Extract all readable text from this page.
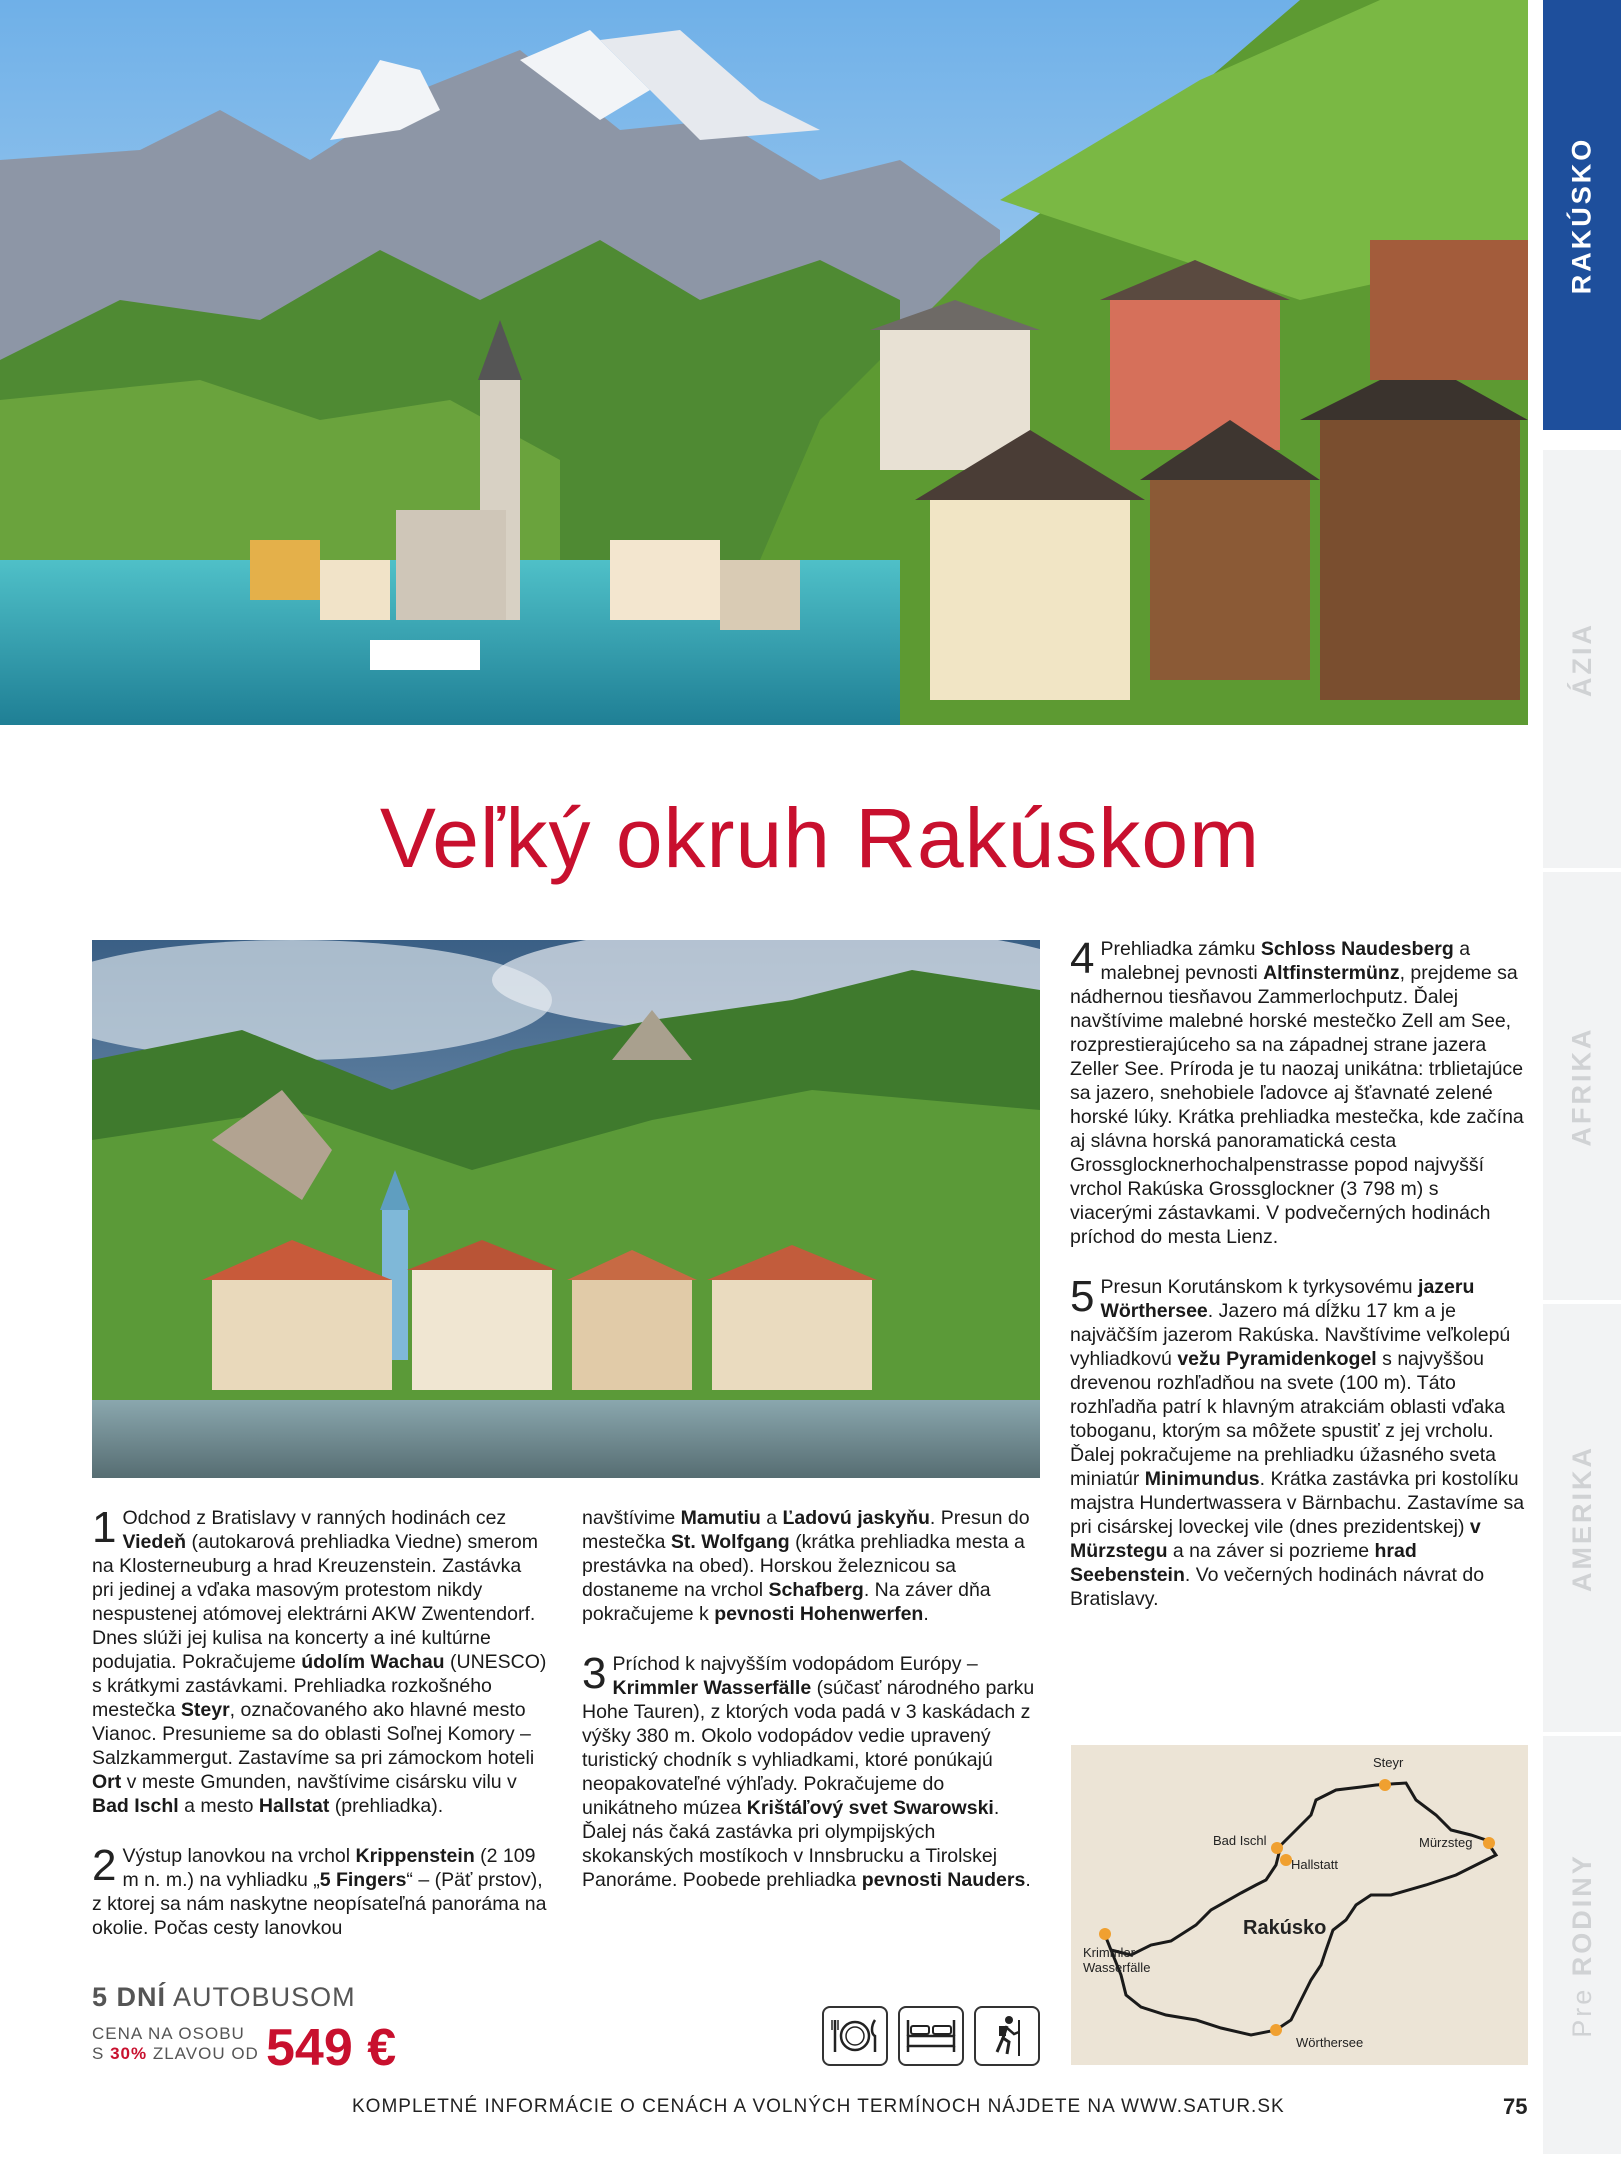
RAKÚSKO
ÁZIA
AFRIKA
AMERIKA
Pre RODINY
Veľký okruh Rakúskom
1 Odchod z Bratislavy v ranných hodinách cez Viedeň (autokarová prehliadka Viedne) smerom na Klosterneuburg a hrad Kreuzenstein. Zastávka pri jedinej a vďaka masovým protestom nikdy nespustenej atómovej elektrárni AKW Zwentendorf. Dnes slúži jej kulisa na koncerty a iné kultúrne podujatia. Pokračujeme údolím Wachau (UNESCO) s krátkymi zastávkami. Prehliadka rozkošného mestečka Steyr, označovaného ako hlavné mesto Vianoc. Presunieme sa do oblasti Soľnej Komory – Salzkammergut. Zastavíme sa pri zámockom hoteli Ort v meste Gmunden, navštívime cisársku vilu v Bad Ischl a mesto Hallstat (prehliadka).

2 Výstup lanovkou na vrchol Krippenstein (2 109 m n. m.) na vyhliadku „5 Fingers“ – (Päť prstov), z ktorej sa nám naskytne neopísateľná panoráma na okolie. Počas cesty lanovkou

navštívime Mamutiu a Ľadovú jaskyňu. Presun do mestečka St. Wolfgang (krátka prehliadka mesta a prestávka na obed). Horskou železnicou sa dostaneme na vrchol Schafberg. Na záver dňa pokračujeme k pevnosti Hohenwerfen.

3 Príchod k najvyšším vodopádom Európy – Krimmler Wasserfälle (súčasť národného parku Hohe Tauren), z ktorých voda padá v 3 kaskádach z výšky 380 m. Okolo vodopádov vedie upravený turistický chodník s vyhliadkami, ktoré ponúkajú neopakovateľné výhľady. Pokračujeme do unikátneho múzea Krištáľový svet Swarowski. Ďalej nás čaká zastávka pri olympijských skokanských mostíkoch v Innsbrucku a Tirolskej Panoráme. Poobede prehliadka pevnosti Nauders.

4 Prehliadka zámku Schloss Naudesberg a malebnej pevnosti Altfinstermünz, prejdeme sa nádhernou tiesňavou Zammerlochputz. Ďalej navštívime malebné horské mestečko Zell am See, rozprestierajúceho sa na západnej strane jazera Zeller See. Príroda je tu naozaj unikátna: trblietajúce sa jazero, snehobiele ľadovce aj šťavnaté zelené horské lúky. Krátka prehliadka mestečka, kde začína aj slávna horská panoramatická cesta Grossglocknerhochalpenstrasse popod najvyšší vrchol Rakúska Grossglockner (3 798 m) s viacerými zástavkami. V podvečerných hodinách príchod do mesta Lienz.

5 Presun Korutánskom k tyrkysovému jazeru Wörthersee. Jazero má dĺžku 17 km a je najväčším jazerom Rakúska. Navštívime veľkolepú vyhliadkovú vežu Pyramidenkogel s najvyššou drevenou rozhľadňou na svete (100 m). Táto rozhľadňa patrí k hlavným atrakciám oblasti vďaka toboganu, ktorým sa môžete spustiť z jej vrcholu. Ďalej pokračujeme na prehliadku úžasného sveta miniatúr Minimundus. Krátka zastávka pri kostolíku majstra Hundertwassera v Bärnbachu. Zastavíme sa pri cisárskej loveckej vile (dnes prezidentskej) v Mürzstegu a na záver si pozrieme hrad Seebenstein. Vo večerných hodinách návrat do Bratislavy.

5 DNÍ AUTOBUSOM
CENA NA OSOBU
S 30% ZLAVOU OD 549 €
Steyr
Bad Ischl
Hallstatt
Mürzsteg
Krimmler Wasserfälle
Wörthersee
Rakúsko
KOMPLETNÉ INFORMÁCIE O CENÁCH A VOLNÝCH TERMÍNOCH NÁJDETE NA WWW.SATUR.SK	75
